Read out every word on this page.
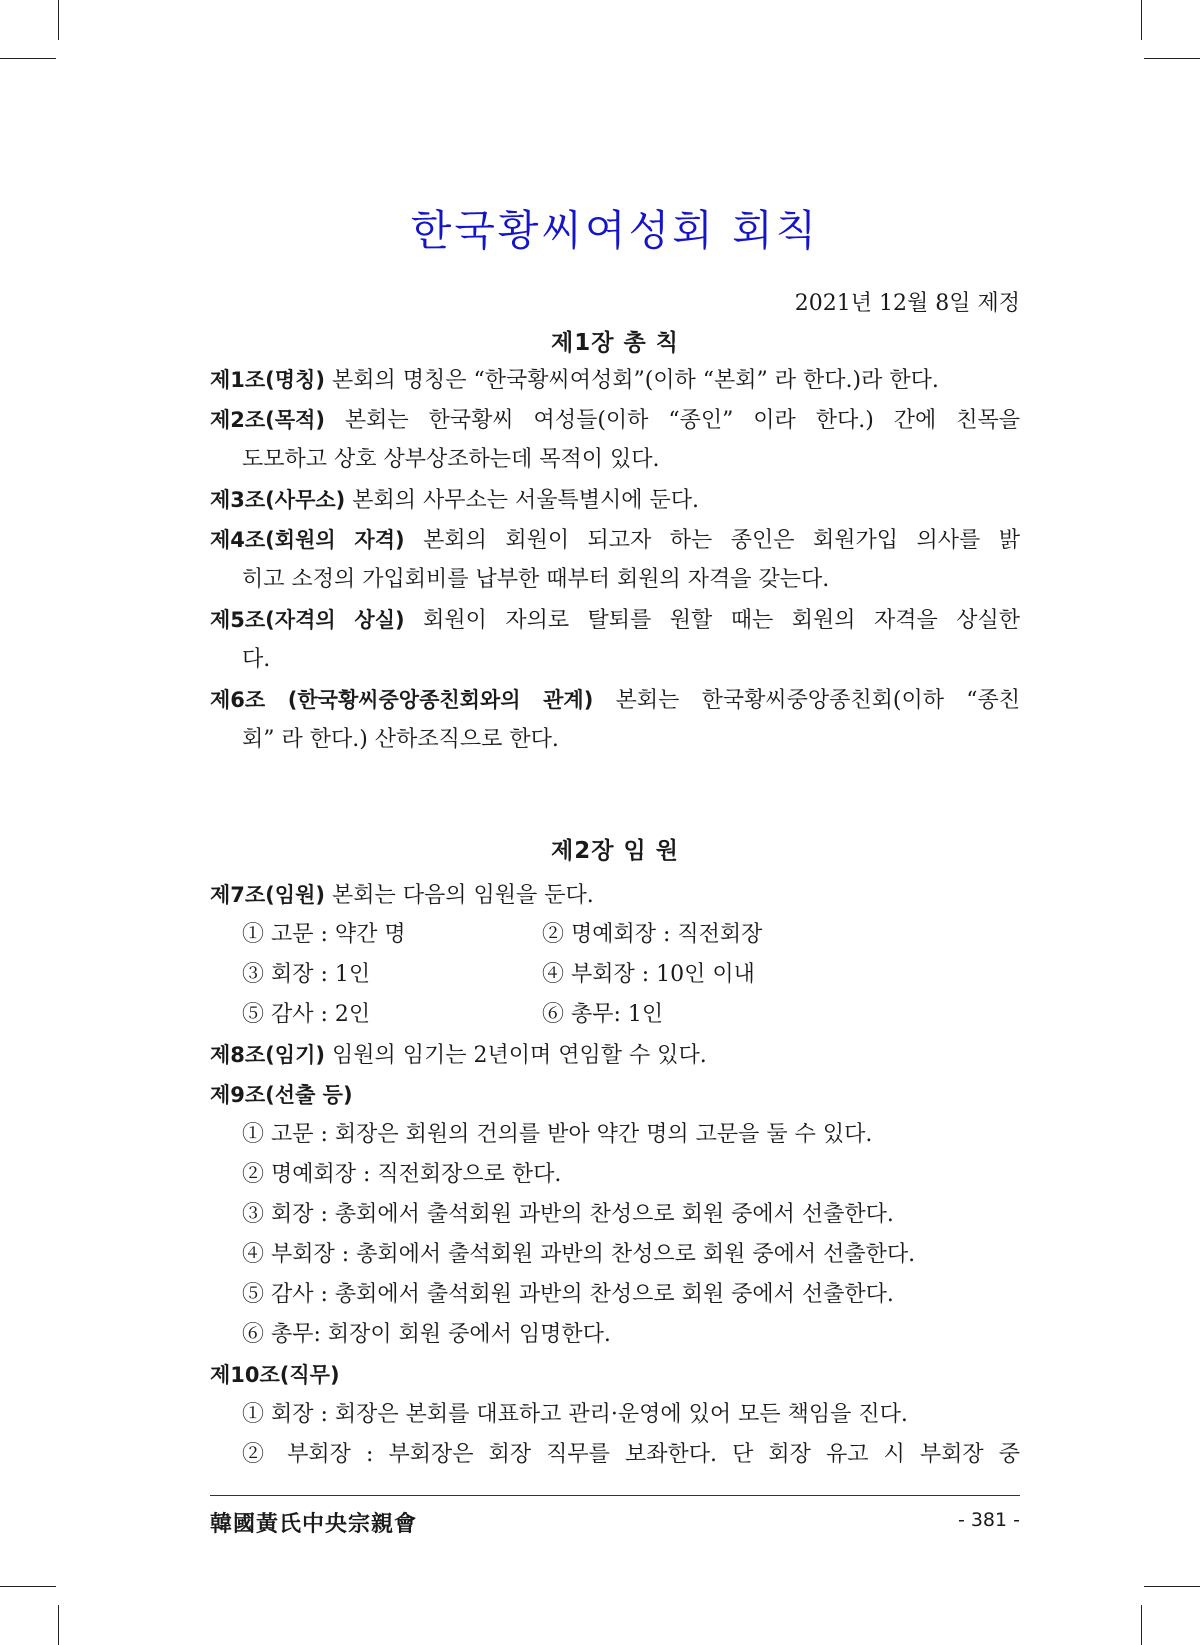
한국황씨여성회 회칙
2021년 12월 8일 제정
제1장 총 칙
제1조(명칭) 본회의 명칭은 “한국황씨여성회”(이하 “본회” 라 한다.)라 한다.
제2조(목적) 본회는 한국황씨 여성들(이하 “종인” 이라 한다.) 간에 친목을
도모하고 상호 상부상조하는데 목적이 있다.
제3조(사무소) 본회의 사무소는 서울특별시에 둔다.
제4조(회원의 자격) 본회의 회원이 되고자 하는 종인은 회원가입 의사를 밝
히고 소정의 가입회비를 납부한 때부터 회원의 자격을 갖는다.
제5조(자격의 상실) 회원이 자의로 탈퇴를 원할 때는 회원의 자격을 상실한
다.
제6조 (한국황씨중앙종친회와의 관계) 본회는 한국황씨중앙종친회(이하 “종친
회” 라 한다.) 산하조직으로 한다.
제2장 임 원
제7조(임원) 본회는 다음의 임원을 둔다.
① 고문 : 약간 명	② 명예회장 : 직전회장
③ 회장 : 1인	④ 부회장 : 10인 이내
⑤ 감사 : 2인	⑥ 총무: 1인
제8조(임기) 임원의 임기는 2년이며 연임할 수 있다.
제9조(선출 등)
① 고문 : 회장은 회원의 건의를 받아 약간 명의 고문을 둘 수 있다.
② 명예회장 : 직전회장으로 한다.
③ 회장 : 총회에서 출석회원 과반의 찬성으로 회원 중에서 선출한다.
④ 부회장 : 총회에서 출석회원 과반의 찬성으로 회원 중에서 선출한다.
⑤ 감사 : 총회에서 출석회원 과반의 찬성으로 회원 중에서 선출한다.
⑥ 총무: 회장이 회원 중에서 임명한다.
제10조(직무)
① 회장 : 회장은 본회를 대표하고 관리·운영에 있어 모든 책임을 진다.
② 부회장 : 부회장은 회장 직무를 보좌한다. 단 회장 유고 시 부회장 중
韓國黃氏中央宗親會	- 381 -
